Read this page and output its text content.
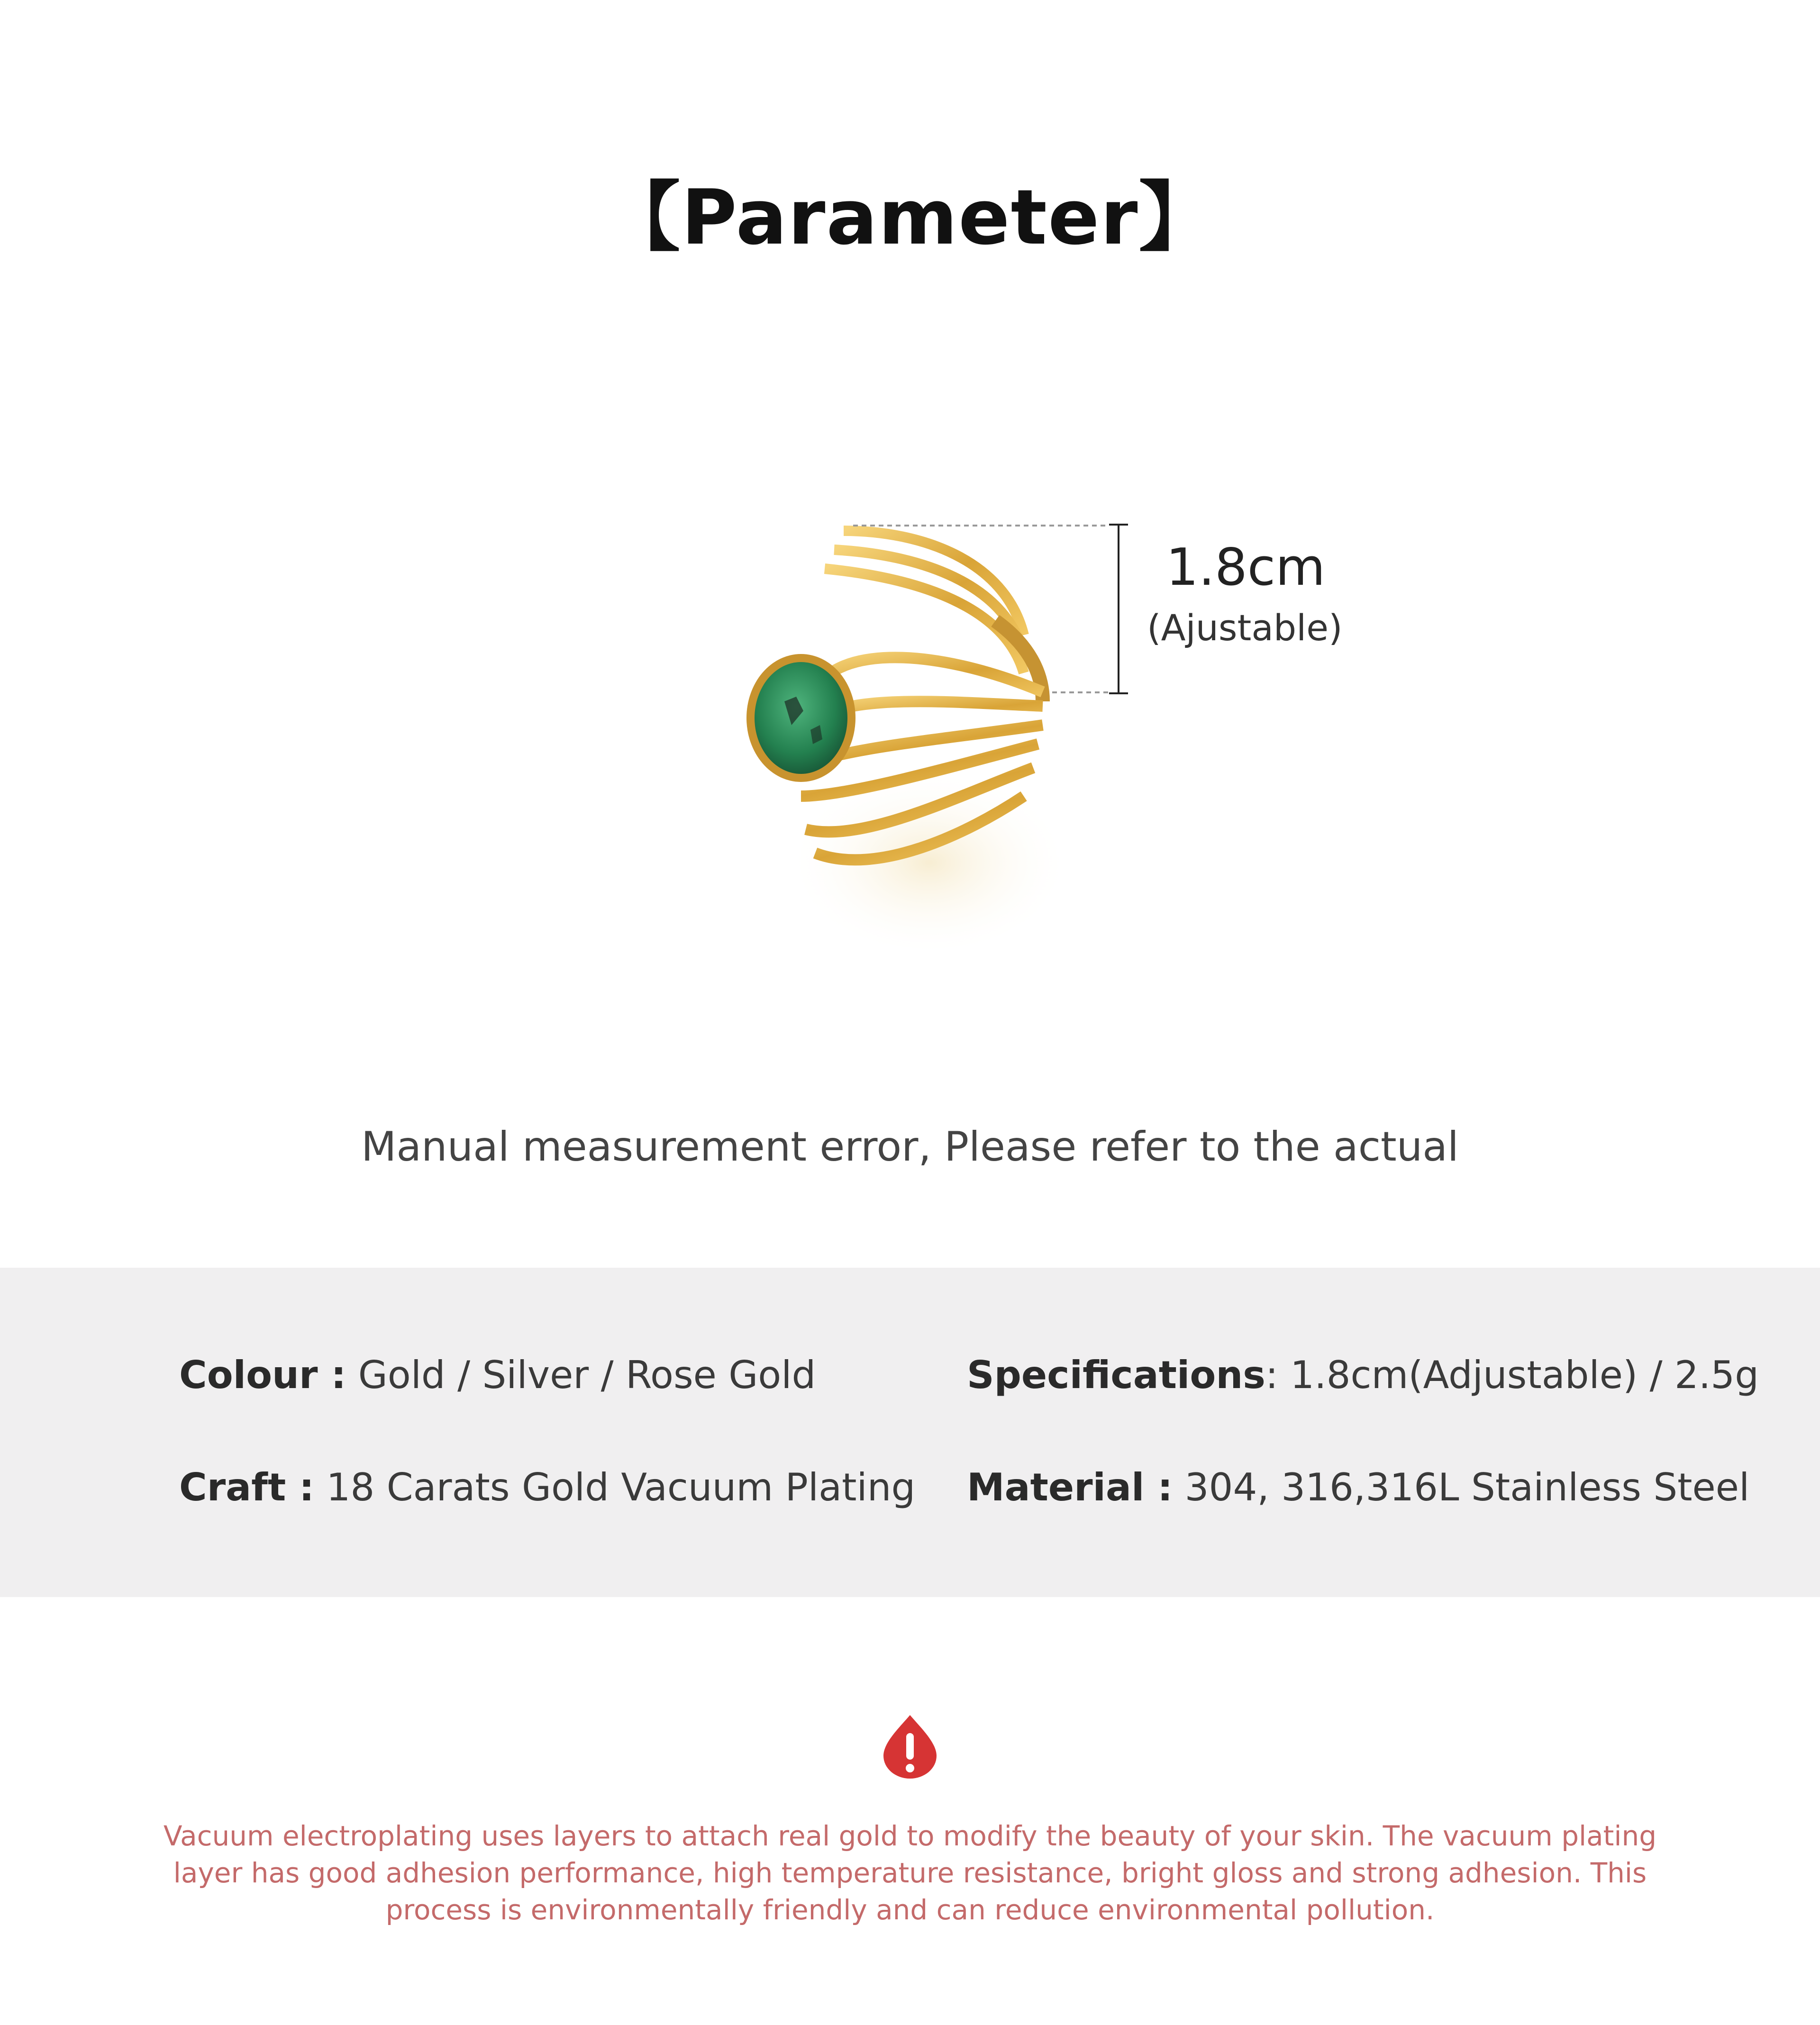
【Parameter】
1.8cm
(Ajustable)
Manual measurement error, Please refer to the actual
Colour : Gold / Silver / Rose Gold	Specifications: 1.8cm(Adjustable) / 2.5g
Craft : 18 Carats Gold Vacuum Plating Material : 304, 316,316L Stainless Steel
Vacuum electroplating uses layers to attach real gold to modify the beauty of your skin. The vacuum plating layer has good adhesion performance, high temperature resistance, bright gloss and strong adhesion. This process is environmentally friendly and can reduce environmental pollution.
